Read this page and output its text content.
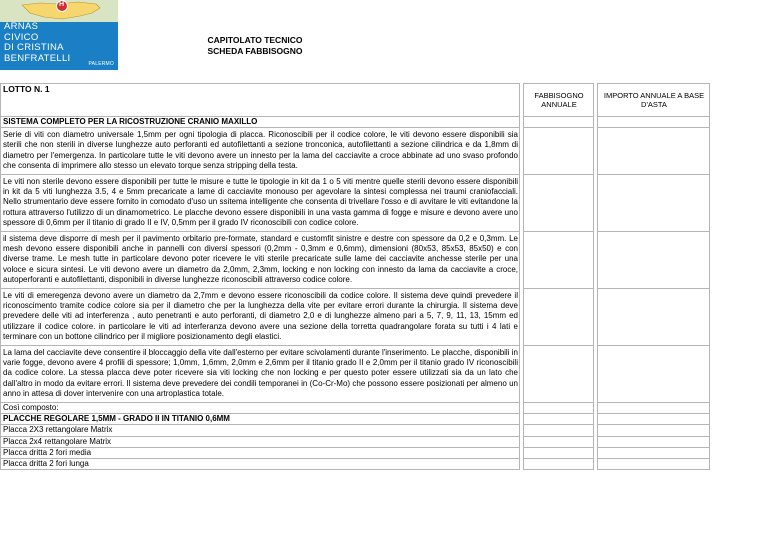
H
ARNAS
CIVICO
DI CRISTINA
BENFRATELLI
PALERMO
CAPITOLATO TECNICO
SCHEDA FABBISOGNO
LOTTO N. 1		FABBISOGNO ANNUALE		IMPORTO ANNUALE A BASE D'ASTA
SISTEMA COMPLETO PER LA RICOSTRUZIONE CRANIO MAXILLO				
Serie di viti con diametro universale 1,5mm per ogni tipologia di placca. Riconoscibili per il codice colore, le viti devono essere disponibili sia sterili che non sterili in diverse lunghezze auto perforanti ed autofilettanti a sezione tronconica, autofilettanti a sezione cilindrica e da 1,8mm di diametro per l'emergenza. In particolare tutte le viti devono avere un innesto per la lama del cacciavite a croce abbinate ad uno svaso profondo che consenta di imprimere allo stesso un elevato torque senza stripping della testa.				
Le viti non sterile devono essere disponibili per tutte le misure e tutte le tipologie in kit da 1 o 5 viti mentre quelle sterili devono essere disponibili in kit da 5 viti lunghezza 3.5, 4 e 5mm precaricate a lame di cacciavite monouso per agevolare la sintesi complessa nei traumi craniofacciali. Nello strumentario deve essere fornito in comodato d'uso un ssitema intelligente che consenta di trivellare l'osso e di avvitare le viti evitandone la rottura attraverso l'utilizzo di un dinamometrico. Le placche devono essere disponibili in una vasta gamma di fogge e misure e devono avere uno spessore di 0,6mm per il titanio di grado II e IV, 0,5mm per il grado IV riconoscibili con codice colore.				
il sistema deve disporre di mesh per il pavimento orbitario pre-formate, standard e customfit sinistre e destre con spessore da 0,2 e 0,3mm. Le mesh devono essere disponibili anche in pannelli con diversi spessori (0,2mm - 0,3mm e 0,6mm), dimensioni (80x53, 85x53, 85x50) e con diverse trame. Le mesh tutte in particolare devono poter ricevere le viti sterile precaricate sulle lame dei cacciavite anchesse sterile per una voloce e sicura sintesi. Le viti devono avere un diametro da 2,0mm, 2,3mm, locking e non locking con innesto da lama da cacciavite a croce, autoperforanti e autofilettanti, disponibili in diverse lunghezze riconoscibili attraverso codice colore.				
Le viti di emeregenza devono avere un diametro da 2,7mm e devono essere riconoscibili da codice colore. Il sistema deve quindi prevedere il riconoscimento tramite codice colore sia per il diametro che per la lunghezza della vite per evitare errori durante la chirurgia. Il sistema deve prevedere delle viti ad interferenza , auto penetranti e auto perforanti, di diametro 2,0 e di lunghezze almeno pari a 5, 7, 9, 11, 13, 15mm ed utilizzare il codice colore. in particolare le viti ad interferanza devono avere una sezione della torretta quadrangolare forata su tutti i 4 lati e terminare con un bottone cilindrico per il migliore posizionamento degli elastici.				
La lama del cacciavite deve consentire il bloccaggio della vite dall'esterno per evitare scivolamenti durante l'inserimento. Le placche, disponibili in varie fogge, devono avere 4 profili di spessore; 1,0mm, 1,6mm, 2,0mm e 2,6mm per il titanio grado II e 2,0mm per il titanio grado IV riconoscibili da codice colore. La stessa placca deve poter ricevere sia viti locking che non locking e per questo poter essere utilizzati sia da un lato che dall'altro in modo da evitare errori. Il sistema deve prevedere dei condili temporanei in (Co-Cr-Mo) che possono essere posizionati per almeno un anno in attesa di dover intervenire con una artroplastica totale.				
Così composto:				
PLACCHE REGOLARE 1,5MM - GRADO II IN TITANIO 0,6MM				
Placca 2X3 rettangolare Matrix				
Placca 2x4 rettangolare Matrix				
Placca dritta 2 fori media				
Placca dritta 2 fori lunga				
